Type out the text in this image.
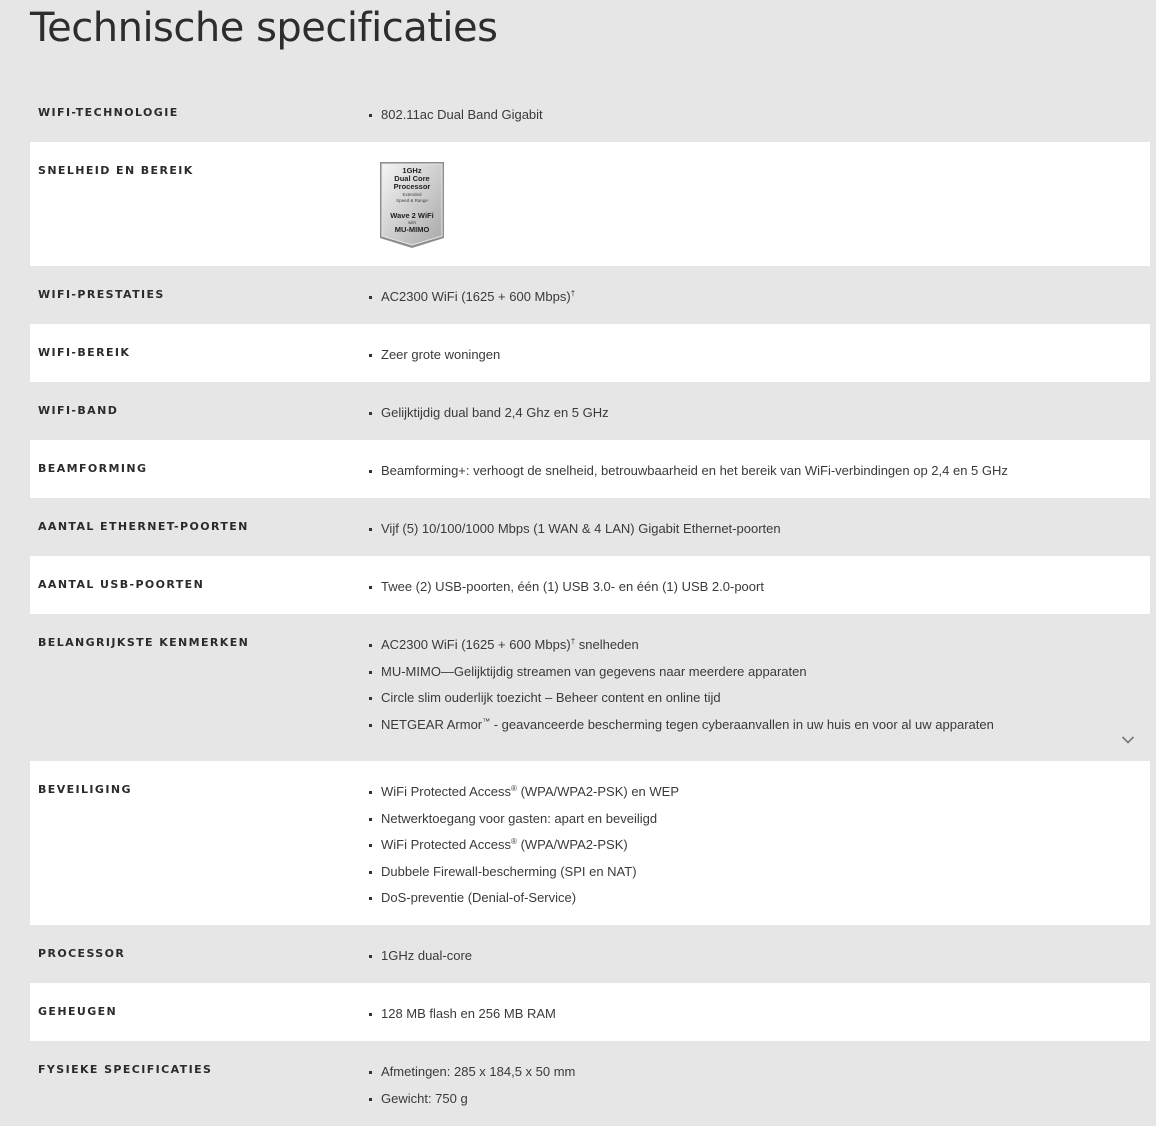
Technische specificaties
WIFI-TECHNOLOGIE	802.11ac Dual Band Gigabit
SNELHEID EN BEREIK	1GHz
Dual Core
Processor
Extended
Speed & Range
Wave 2 WiFi
with
MU-MIMO
WIFI-PRESTATIES	AC2300 WiFi (1625 + 600 Mbps)†
WIFI-BEREIK	Zeer grote woningen
WIFI-BAND	Gelijktijdig dual band 2,4 Ghz en 5 GHz
BEAMFORMING	Beamforming+: verhoogt de snelheid, betrouwbaarheid en het bereik van WiFi-verbindingen op 2,4 en 5 GHz
AANTAL ETHERNET-POORTEN	Vijf (5) 10/100/1000 Mbps (1 WAN & 4 LAN) Gigabit Ethernet-poorten
AANTAL USB-POORTEN	Twee (2) USB-poorten, één (1) USB 3.0- en één (1) USB 2.0-poort
BELANGRIJKSTE KENMERKEN	AC2300 WiFi (1625 + 600 Mbps)† snelheden
MU-MIMO—Gelijktijdig streamen van gegevens naar meerdere apparaten
Circle slim ouderlijk toezicht – Beheer content en online tijd
NETGEAR Armor™ - geavanceerde bescherming tegen cyberaanvallen in uw huis en voor al uw apparaten
BEVEILIGING	WiFi Protected Access® (WPA/WPA2-PSK) en WEP
Netwerktoegang voor gasten: apart en beveiligd
WiFi Protected Access® (WPA/WPA2-PSK)
Dubbele Firewall-bescherming (SPI en NAT)
DoS-preventie (Denial-of-Service)
PROCESSOR	1GHz dual-core
GEHEUGEN	128 MB flash en 256 MB RAM
FYSIEKE SPECIFICATIES	Afmetingen: 285 x 184,5 x 50 mm
Gewicht: 750 g
